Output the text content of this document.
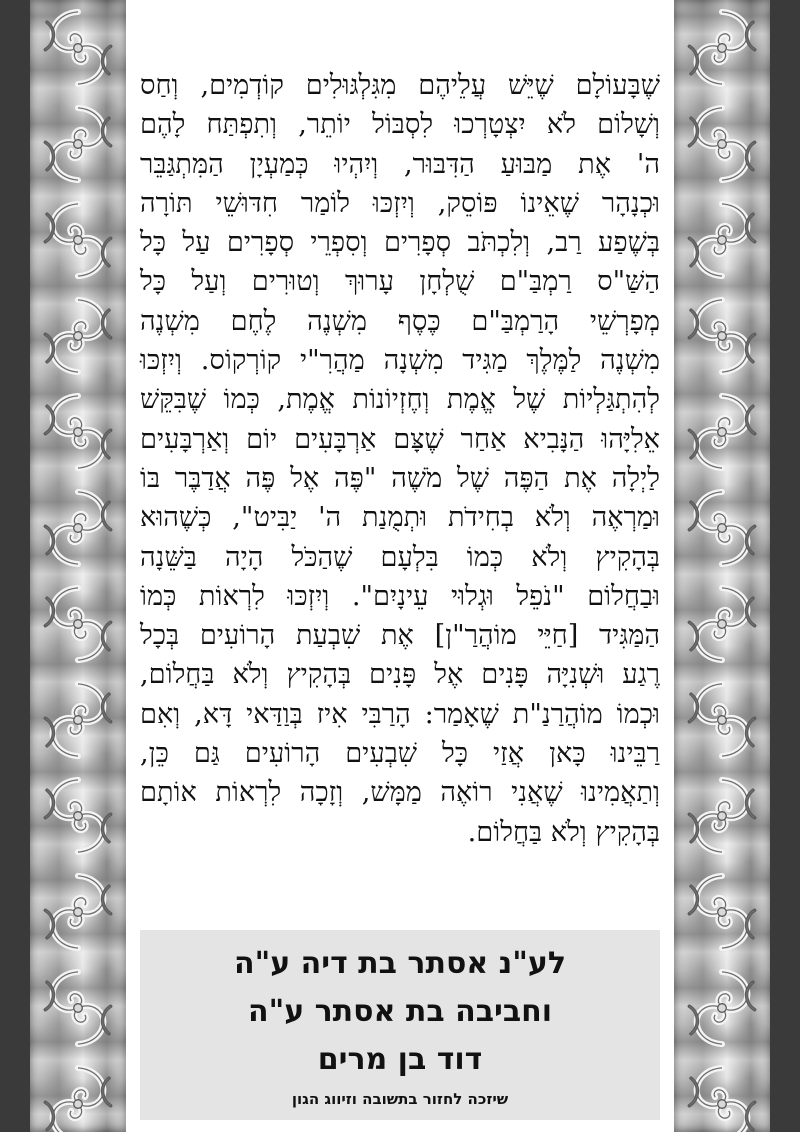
שֶׁבָּעוֹלָם שֶׁיֵּשׁ עֲלֵיהֶם מִגִּלְגּוּלִים קוֹדְמִים, וְחַס
וְשָׁלוֹם לֹא יִצְטָרְכוּ לִסְבּוֹל יוֹתֵר, וְתִפְתַּח לָהֶם
ה' אֶת מַבּוּעַ הַדִּבּוּר, וְיִהְיוּ כְּמַעְיָן הַמִּתְגַּבֵּר
וּכְנָהָר שֶׁאֵינוֹ פּוֹסֵק, וְיִזְכּוּ לוֹמַר חִדּוּשֵׁי תּוֹרָה
בְּשֶׁפַע רַב, וְלִכְתֹּב סְפָרִים וְסִפְרֵי סְפָרִים עַל כָּל
הַשַּׁ"ס רַמְבַּ"ם שֻׁלְחָן עָרוּךְ וְטוּרִים וְעַל כָּל
מְפָרְשֵׁי הָרַמְבַּ"ם כֶּסֶף מִשְׁנֶה לֶחֶם מִשְׁנֶה
מִשְׁנֶה לַמֶּלֶךְ מַגִּיד מִשְׁנָה מַהֲרִ"י קוֹרְקוֹס. וְיִזְכּוּ
לְהִתְגַּלְיוֹת שֶׁל אֱמֶת וְחֶזְיוֹנוֹת אֱמֶת, כְּמוֹ שֶׁבִּקֵּשׁ
אֵלִיָּהוּ הַנָּבִיא אַחַר שֶׁצָּם אַרְבָּעִים יוֹם וְאַרְבָּעִים
לַיְלָה אֶת הַפֶּה שֶׁל מֹשֶׁה "פֶּה אֶל פֶּה אֲדַבֶּר בּוֹ
וּמַרְאֶה וְלֹא בְחִידֹת וּתְמֻנַת ה' יַבִּיט", כְּשֶׁהוּא
בְּהָקִיץ וְלֹא כְּמוֹ בִּלְעָם שֶׁהַכֹּל הָיָה בַּשֵּׁנָה
וּבַחֲלוֹם "נֹפֵל וּגְלוּי עֵינָיִם". וְיִזְכּוּ לִרְאוֹת כְּמוֹ
הַמַּגִּיד [חַיֵּי מוֹהֲרַ"ן] אֶת שִׁבְעַת הָרוֹעִים בְּכָל
רֶגַע וּשְׁנִיָּה פָּנִים אֶל פָּנִים בְּהָקִיץ וְלֹא בַּחֲלוֹם,
וּכְמוֹ מוֹהֲרַנַ"ת שֶׁאָמַר: הָרַבִּי אִיז בְּוַדַּאי דָּא, וְאִם
רַבֵּינוּ כָּאן אֲזַי כָּל שִׁבְעִים הָרוֹעִים גַּם כֵּן,
וְתַאֲמִינוּ שֶׁאֲנִי רוֹאֶה מַמָּשׁ, וְזָכָה לִרְאוֹת אוֹתָם
בְּהָקִיץ וְלֹא בַּחֲלוֹם.
לע"נ אסתר בת דיה ע"ה
וחביבה בת אסתר ע"ה
דוד בן מרים
שיזכה לחזור בתשובה וזיווג הגון
